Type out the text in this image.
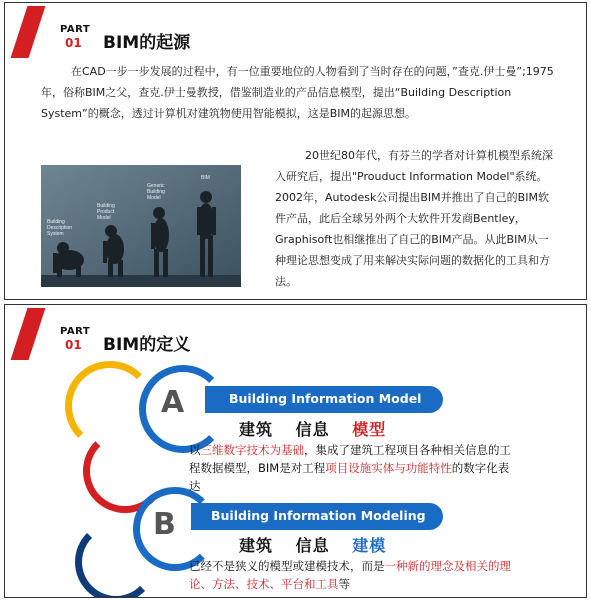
PART
01 BIM的起源

在CAD一步一步发展的过程中，有一位重要地位的人物看到了当时存在的问题，”查克.伊士曼”;1975年，俗称BIM之父，查克.伊士曼教授，借鉴制造业的产品信息模型，提出“Building Description System”的概念，透过计算机对建筑物使用智能模拟，这是BIM的起源思想。

Building Description System
Building Product Model
Generic Building Model
BIM

20世纪80年代，有芬兰的学者对计算机模型系统深入研究后，提出"Prouduct Information Model"系统。2002年，Autodesk公司提出BIM并推出了自己的BIM软件产品，此后全球另外两个大软件开发商Bentley，Graphisoft也相继推出了自己的BIM产品。从此BIM从一种理论思想变成了用来解决实际问题的数据化的工具和方法。

PART
01 BIM的定义
A	Building Information Model
建筑 信息 模型

以三维数字技术为基础，集成了建筑工程项目各种相关信息的工程数据模型，BIM是对工程项目设施实体与功能特性的数字化表达

B	Building Information Modeling
建筑 信息 建模

已经不是狭义的模型或建模技术，而是一种新的理念及相关的理论、方法、技术、平台和工具等
